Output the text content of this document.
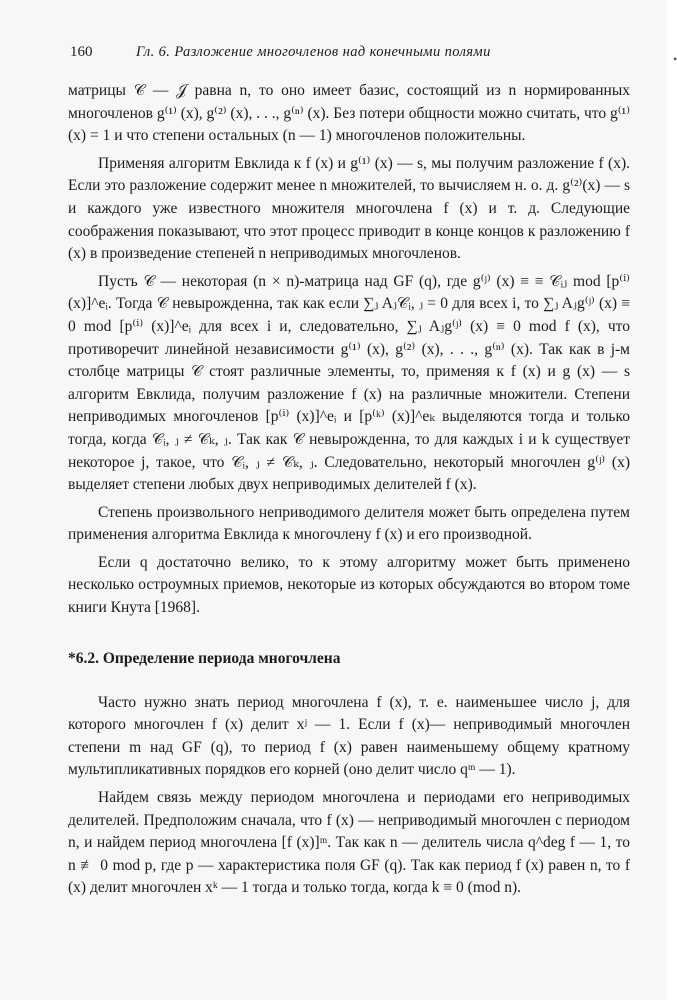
160	Гл. 6. Разложение многочленов над конечными полями	•

матрицы 𝒞 — 𝒥 равна n, то оно имеет базис, состоящий из n нормированных многочленов g⁽¹⁾ (x), g⁽²⁾ (x), . . ., g⁽ⁿ⁾ (x). Без потери общности можно считать, что g⁽¹⁾ (x) = 1 и что степени остальных (n — 1) многочленов положительны.

Применяя алгоритм Евклида к f (x) и g⁽¹⁾ (x) — s, мы получим разложение f (x). Если это разложение содержит менее n множителей, то вычисляем н. о. д. g⁽²⁾(x) — s и каждого уже известного множителя многочлена f (x) и т. д. Следующие соображения показывают, что этот процесс приводит в конце концов к разложению f (x) в произведение степеней n неприводимых многочленов.

Пусть 𝒞 — некоторая (n × n)-матрица над GF (q), где g⁽ʲ⁾ (x) ≡ ≡ 𝒞ᵢⱼ mod [p⁽ⁱ⁾ (x)]^eᵢ. Тогда 𝒞 невырожденна, так как если ∑ⱼ Aⱼ𝒞ᵢ, ⱼ = 0 для всех i, то ∑ⱼ Aⱼg⁽ʲ⁾ (x) ≡ 0 mod [p⁽ⁱ⁾ (x)]^eᵢ для всех i и, следовательно, ∑ⱼ Aⱼg⁽ʲ⁾ (x) ≡ 0 mod f (x), что противоречит линейной независимости g⁽¹⁾ (x), g⁽²⁾ (x), . . ., g⁽ⁿ⁾ (x). Так как в j-м столбце матрицы 𝒞 стоят различные элементы, то, применяя к f (x) и g (x) — s алгоритм Евклида, получим разложение f (x) на различные множители. Степени неприводимых многочленов [p⁽ⁱ⁾ (x)]^eᵢ и [p⁽ᵏ⁾ (x)]^eₖ выделяются тогда и только тогда, когда 𝒞ᵢ, ⱼ ≠ 𝒞ₖ, ⱼ. Так как 𝒞 невырожденна, то для каждых i и k существует некоторое j, такое, что 𝒞ᵢ, ⱼ ≠ 𝒞ₖ, ⱼ. Следовательно, некоторый многочлен g⁽ʲ⁾ (x) выделяет степени любых двух неприводимых делителей f (x).

Степень произвольного неприводимого делителя может быть определена путем применения алгоритма Евклида к многочлену f (x) и его производной.

Если q достаточно велико, то к этому алгоритму может быть применено несколько остроумных приемов, некоторые из которых обсуждаются во втором томе книги Кнута [1968].

*6.2. Определение периода многочлена

Часто нужно знать период многочлена f (x), т. е. наименьшее число j, для которого многочлен f (x) делит xʲ — 1. Если f (x)— неприводимый многочлен степени m над GF (q), то период f (x) равен наименьшему общему кратному мультипликативных порядков его корней (оно делит число qᵐ — 1).

Найдем связь между периодом многочлена и периодами его неприводимых делителей. Предположим сначала, что f (x) — неприводимый многочлен с периодом n, и найдем период многочлена [f (x)]ᵐ. Так как n — делитель числа q^deg f — 1, то n ≢ 0 mod p, где p — характеристика поля GF (q). Так как период f (x) равен n, то f (x) делит многочлен xᵏ — 1 тогда и только тогда, когда k ≡ 0 (mod n).
